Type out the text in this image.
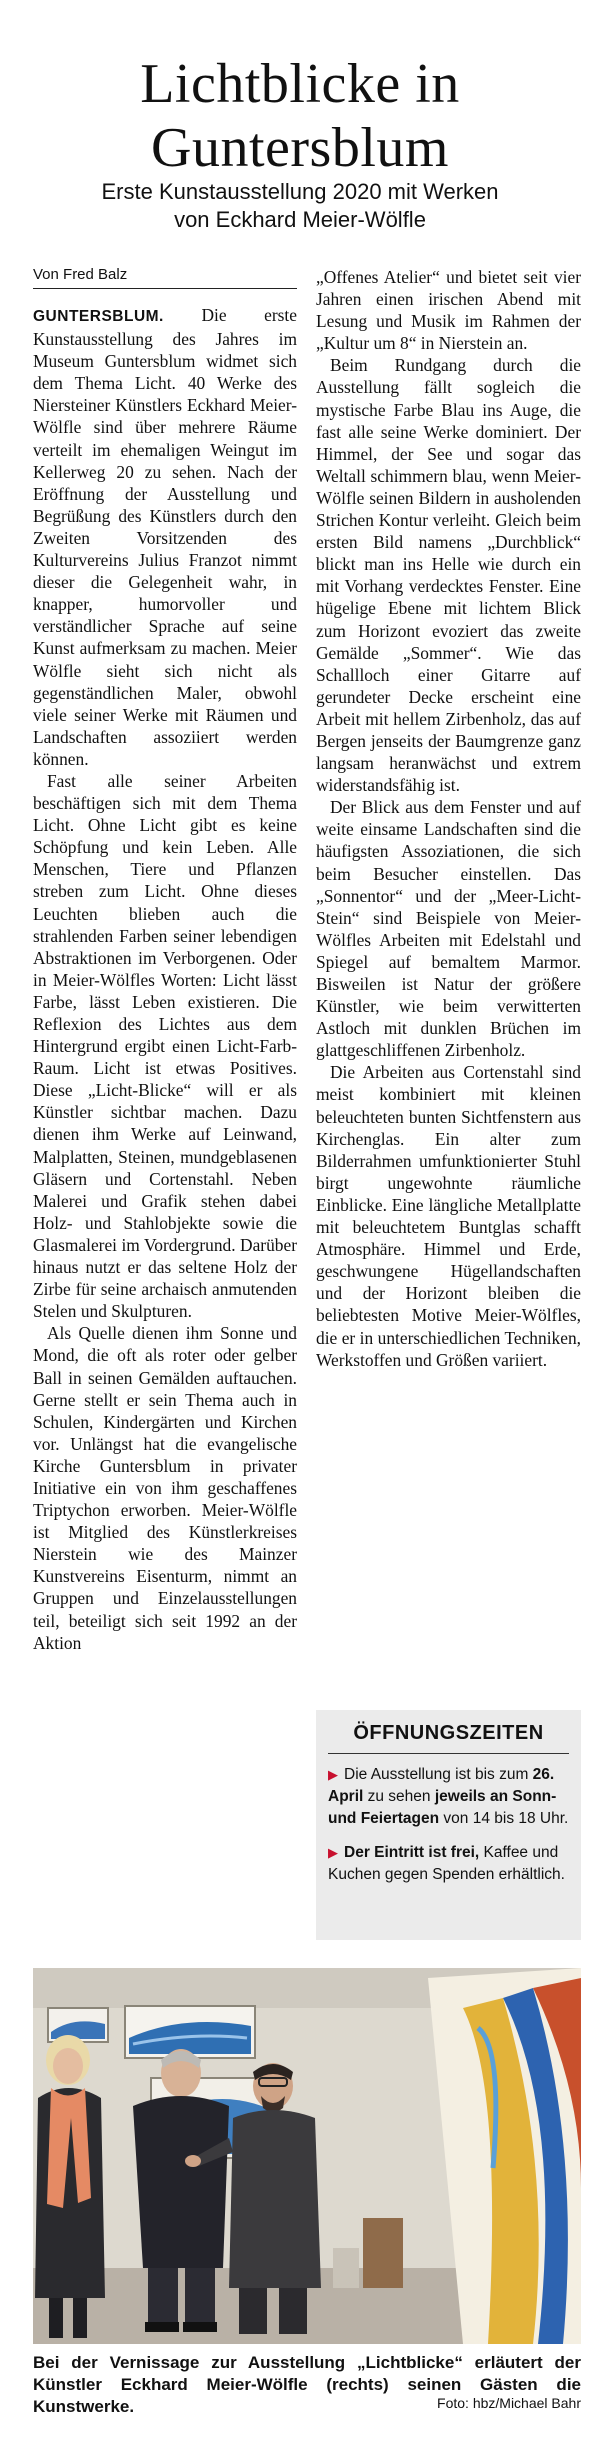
Lichtblicke in
Guntersblum
Erste Kunstausstellung 2020 mit Werken
von Eckhard Meier-Wölfle
Von Fred Balz

GUNTERSBLUM. Die erste Kunstausstellung des Jahres im Museum Guntersblum widmet sich dem Thema Licht. 40 Werke des Niersteiner Künstlers Eckhard Meier-Wölfle sind über mehrere Räume verteilt im ehemaligen Weingut im Kellerweg 20 zu sehen. Nach der Eröffnung der Ausstellung und Begrüßung des Künstlers durch den Zweiten Vorsitzenden des Kulturvereins Julius Franzot nimmt dieser die Gelegenheit wahr, in knapper, humorvoller und verständlicher Sprache auf seine Kunst aufmerksam zu machen. Meier Wölfle sieht sich nicht als gegenständlichen Maler, obwohl viele seiner Werke mit Räumen und Landschaften assoziiert werden können.

Fast alle seiner Arbeiten beschäftigen sich mit dem Thema Licht. Ohne Licht gibt es keine Schöpfung und kein Leben. Alle Menschen, Tiere und Pflanzen streben zum Licht. Ohne dieses Leuchten blieben auch die strahlenden Farben seiner lebendigen Abstraktionen im Verborgenen. Oder in Meier-Wölfles Worten: Licht lässt Farbe, lässt Leben existieren. Die Reflexion des Lichtes aus dem Hintergrund ergibt einen Licht-Farb-Raum. Licht ist etwas Positives. Diese „Licht-Blicke“ will er als Künstler sichtbar machen. Dazu dienen ihm Werke auf Leinwand, Malplatten, Steinen, mundgeblasenen Gläsern und Cortenstahl. Neben Malerei und Grafik stehen dabei Holz- und Stahlobjekte sowie die Glasmalerei im Vordergrund. Darüber hinaus nutzt er das seltene Holz der Zirbe für seine archaisch anmutenden Stelen und Skulpturen.

Als Quelle dienen ihm Sonne und Mond, die oft als roter oder gelber Ball in seinen Gemälden auftauchen. Gerne stellt er sein Thema auch in Schulen, Kindergärten und Kirchen vor. Unlängst hat die evangelische Kirche Guntersblum in privater Initiative ein von ihm geschaffenes Triptychon erworben. Meier-Wölfle ist Mitglied des Künstlerkreises Nierstein wie des Mainzer Kunstvereins Eisenturm, nimmt an Gruppen und Einzelausstellungen teil, beteiligt sich seit 1992 an der Aktion

„Offenes Atelier“ und bietet seit vier Jahren einen irischen Abend mit Lesung und Musik im Rahmen der „Kultur um 8“ in Nierstein an.

Beim Rundgang durch die Ausstellung fällt sogleich die mystische Farbe Blau ins Auge, die fast alle seine Werke dominiert. Der Himmel, der See und sogar das Weltall schimmern blau, wenn Meier-Wölfle seinen Bildern in ausholenden Strichen Kontur verleiht. Gleich beim ersten Bild namens „Durchblick“ blickt man ins Helle wie durch ein mit Vorhang verdecktes Fenster. Eine hügelige Ebene mit lichtem Blick zum Horizont evoziert das zweite Gemälde „Sommer“. Wie das Schallloch einer Gitarre auf gerundeter Decke erscheint eine Arbeit mit hellem Zirbenholz, das auf Bergen jenseits der Baumgrenze ganz langsam heranwächst und extrem widerstandsfähig ist.

Der Blick aus dem Fenster und auf weite einsame Landschaften sind die häufigsten Assoziationen, die sich beim Besucher einstellen. Das „Sonnentor“ und der „Meer-Licht-Stein“ sind Beispiele von Meier-Wölfles Arbeiten mit Edelstahl und Spiegel auf bemaltem Marmor. Bisweilen ist Natur der größere Künstler, wie beim verwitterten Astloch mit dunklen Brüchen im glattgeschliffenen Zirbenholz.

Die Arbeiten aus Cortenstahl sind meist kombiniert mit kleinen beleuchteten bunten Sichtfenstern aus Kirchenglas. Ein alter zum Bilderrahmen umfunktionierter Stuhl birgt ungewohnte räumliche Einblicke. Eine längliche Metallplatte mit beleuchtetem Buntglas schafft Atmosphäre. Himmel und Erde, geschwungene Hügellandschaften und der Horizont bleiben die beliebtesten Motive Meier-Wölfles, die er in unterschiedlichen Techniken, Werkstoffen und Größen variiert.

ÖFFNUNGSZEITEN
▶ Die Ausstellung ist bis zum 26. April zu sehen jeweils an Sonn- und Feiertagen von 14 bis 18 Uhr.
▶ Der Eintritt ist frei, Kaffee und Kuchen gegen Spenden erhältlich.
Bei der Vernissage zur Ausstellung „Lichtblicke“ erläutert der Künstler Eckhard Meier-Wölfle (rechts) seinen Gästen die Kunstwerke.	Foto: hbz/Michael Bahr
